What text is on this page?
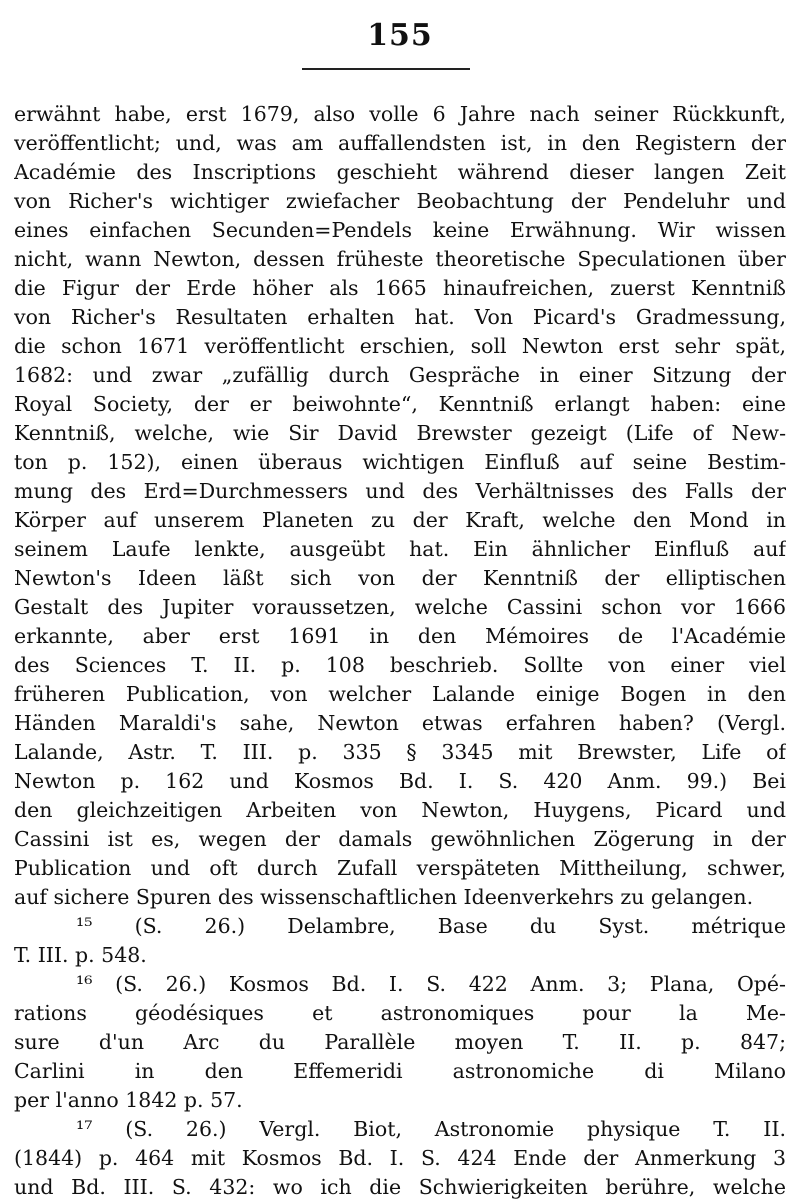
155
erwähnt habe, erst 1679, also volle 6 Jahre nach seiner Rückkunft,
veröffentlicht; und, was am auffallendsten ist, in den Registern der
Académie des Inscriptions geschieht während dieser langen Zeit
von Richer's wichtiger zwiefacher Beobachtung der Pendeluhr und
eines einfachen Secunden=Pendels keine Erwähnung. Wir wissen
nicht, wann Newton, dessen früheste theoretische Speculationen über
die Figur der Erde höher als 1665 hinaufreichen, zuerst Kenntniß
von Richer's Resultaten erhalten hat. Von Picard's Gradmessung,
die schon 1671 veröffentlicht erschien, soll Newton erst sehr spät,
1682: und zwar „zufällig durch Gespräche in einer Sitzung der
Royal Society, der er beiwohnte“, Kenntniß erlangt haben: eine
Kenntniß, welche, wie Sir David Brewster gezeigt (Life of New-
ton p. 152), einen überaus wichtigen Einfluß auf seine Bestim-
mung des Erd=Durchmessers und des Verhältnisses des Falls der
Körper auf unserem Planeten zu der Kraft, welche den Mond in
seinem Laufe lenkte, ausgeübt hat. Ein ähnlicher Einfluß auf
Newton's Ideen läßt sich von der Kenntniß der elliptischen
Gestalt des Jupiter voraussetzen, welche Cassini schon vor 1666
erkannte, aber erst 1691 in den Mémoires de l'Académie
des Sciences T. II. p. 108 beschrieb. Sollte von einer viel
früheren Publication, von welcher Lalande einige Bogen in den
Händen Maraldi's sahe, Newton etwas erfahren haben? (Vergl.
Lalande, Astr. T. III. p. 335 § 3345 mit Brewster, Life of
Newton p. 162 und Kosmos Bd. I. S. 420 Anm. 99.) Bei
den gleichzeitigen Arbeiten von Newton, Huygens, Picard und
Cassini ist es, wegen der damals gewöhnlichen Zögerung in der
Publication und oft durch Zufall verspäteten Mittheilung, schwer,
auf sichere Spuren des wissenschaftlichen Ideenverkehrs zu gelangen.
¹⁵ (S. 26.) Delambre, Base du Syst. métrique
T. III. p. 548.
¹⁶ (S. 26.) Kosmos Bd. I. S. 422 Anm. 3; Plana, Opé-
rations géodésiques et astronomiques pour la Me-
sure d'un Arc du Parallèle moyen T. II. p. 847;
Carlini in den Effemeridi astronomiche di Milano
per l'anno 1842 p. 57.
¹⁷ (S. 26.) Vergl. Biot, Astronomie physique T. II.
(1844) p. 464 mit Kosmos Bd. I. S. 424 Ende der Anmerkung 3
und Bd. III. S. 432: wo ich die Schwierigkeiten berühre, welche
